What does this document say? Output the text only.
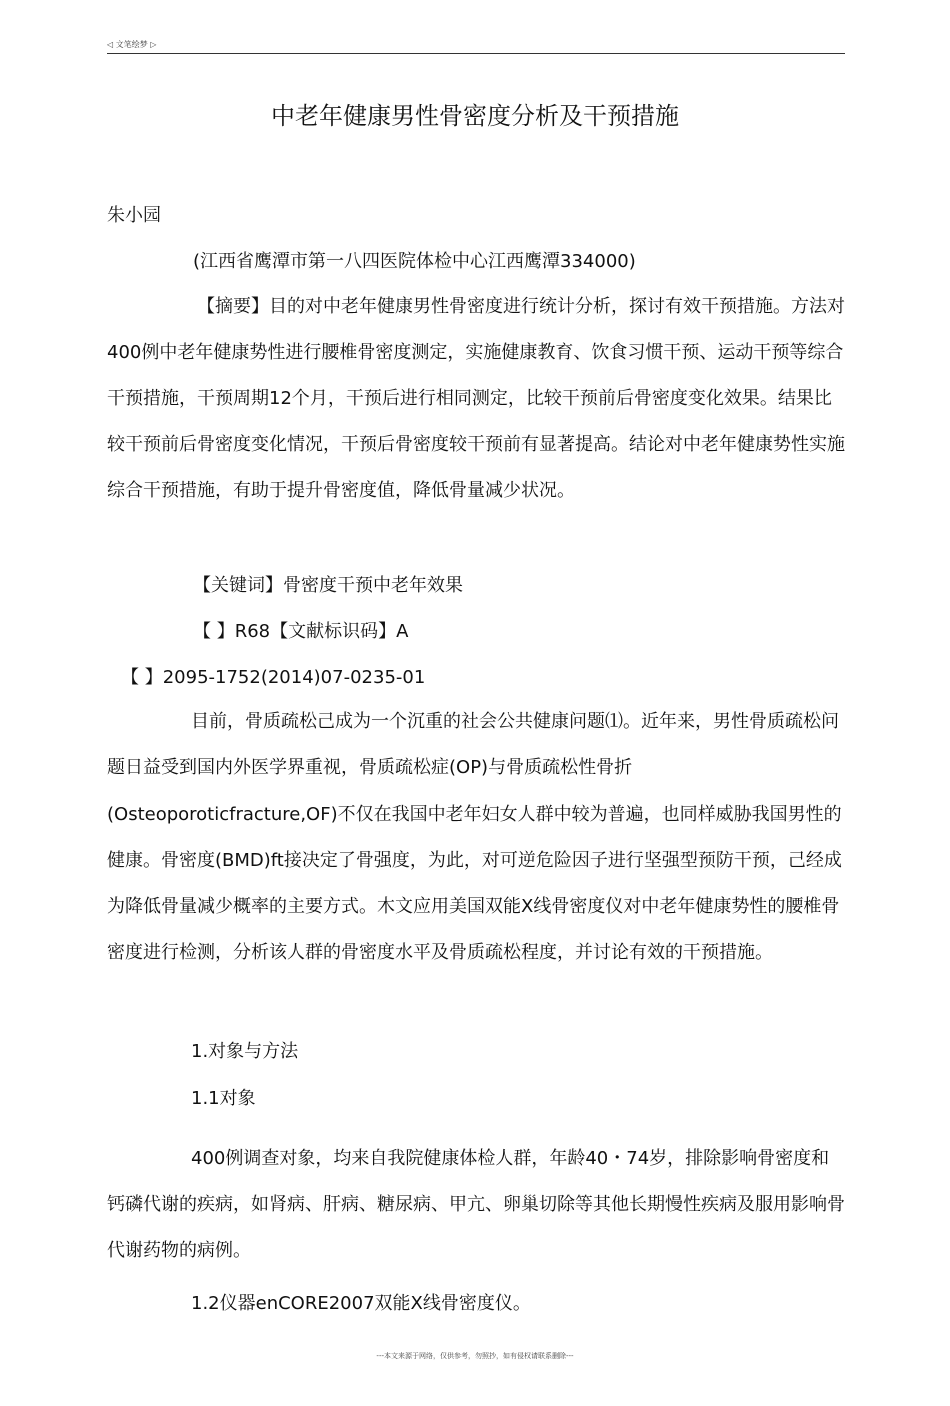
◁ 文笔绘梦 ▷
中老年健康男性骨密度分析及干预措施
朱小园
(江西省鹰潭市第一八四医院体检中心江西鹰潭334000)
【摘要】目的对中老年健康男性骨密度进行统计分析，探讨有效干预措施。方法对400例中老年健康势性进行腰椎骨密度测定，实施健康教育、饮食习惯干预、运动干预等综合干预措施，干预周期12个月，干预后进行相同测定，比较干预前后骨密度变化效果。结果比较干预前后骨密度变化情况，干预后骨密度较干预前有显著提高。结论对中老年健康势性实施综合干预措施，有助于提升骨密度值，降低骨量减少状况。
【关键词】骨密度干预中老年效果
【 】R68【文献标识码】A
【 】2095-1752(2014)07-0235-01
目前，骨质疏松己成为一个沉重的社会公共健康问题⑴。近年来，男性骨质疏松问题日益受到国内外医学界重视，骨质疏松症(OP)与骨质疏松性骨折(Osteoporoticfracture,OF)不仅在我国中老年妇女人群中较为普遍，也同样威胁我国男性的健康。骨密度(BMD)ft接决定了骨强度，为此，对可逆危险因子进行坚强型预防干预，己经成为降低骨量减少概率的主要方式。木文应用美国双能X线骨密度仪对中老年健康势性的腰椎骨密度进行检测，分析该人群的骨密度水平及骨质疏松程度，并讨论有效的干预措施。
1.对象与方法
1.1对象
400例调查对象，均来自我院健康体检人群，年龄40・74岁，排除影响骨密度和钙磷代谢的疾病，如肾病、肝病、糖尿病、甲亢、卵巢切除等其他长期慢性疾病及服用影响骨代谢药物的病例。
1.2仪器enCORE2007双能X线骨密度仪。
---本文来源于网络，仅供参考，勿照抄，如有侵权请联系删除---
